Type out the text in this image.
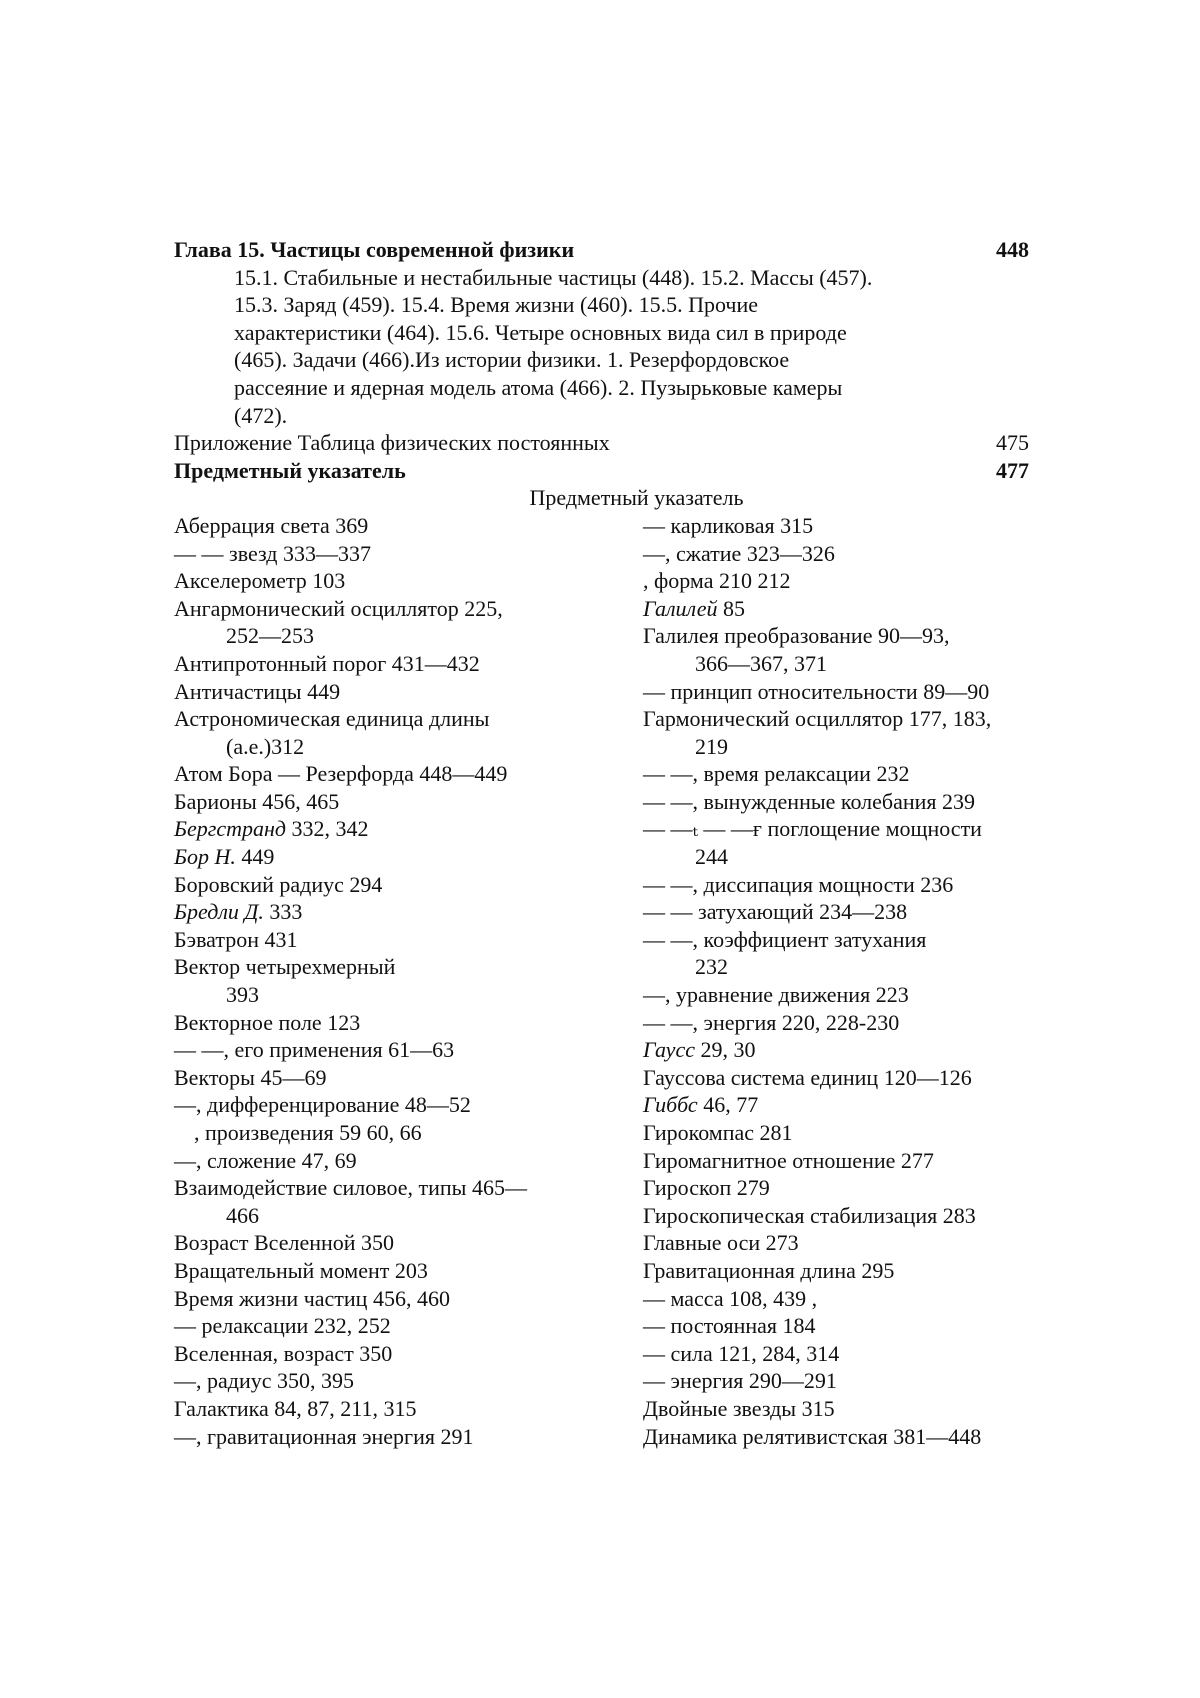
Глава 15. Частицы современной физики	448
15.1. Стабильные и нестабильные частицы (448). 15.2. Массы (457).
15.3. Заряд (459). 15.4. Время жизни (460). 15.5. Прочие
характеристики (464). 15.6. Четыре основных вида сил в природе
(465). Задачи (466).Из истории физики. 1. Резерфордовское
рассеяние и ядерная модель атома (466). 2. Пузырьковые камеры
(472).
Приложение Таблица физических постоянных	475
Предметный указатель	477
Предметный указатель
Аберрация света 369
— — звезд 333—337
Акселерометр 103
Ангармонический осциллятор 225,
252—253
Антипротонный порог 431—432
Античастицы 449
Астрономическая единица длины
(а.е.)312
Атом Бора — Резерфорда 448—449
Барионы 456, 465
Бергстранд 332, 342
Бор Н. 449
Боровский радиус 294
Бредли Д. 333
Бэватрон 431
Вектор четырехмерный
393
Векторное поле 123
— —, его применения 61—63
Векторы 45—69
—, дифференцирование 48—52
, произведения 59 60, 66
—, сложение 47, 69
Взаимодействие силовое, типы 465—
466
Возраст Вселенной 350
Вращательный момент 203
Время жизни частиц 456, 460
— релаксации 232, 252
Вселенная, возраст 350
—, радиус 350, 395
Галактика 84, 87, 211, 315
—, гравитационная энергия 291
— карликовая 315
—, сжатие 323—326
, форма 210 212
Галилей 85
Галилея преобразование 90—93,
366—367, 371
— принцип относительности 89—90
Гармонический осциллятор 177, 183,
219
— —, время релаксации 232
— —, вынужденные колебания 239
— —ₜ — —ғ поглощение мощности
244
— —, диссипация мощности 236
— — затухающий 234—238
— —, коэффициент затухания
232
—, уравнение движения 223
— —, энергия 220, 228-230
Гаусс 29, 30
Гауссова система единиц 120—126
Гиббс 46, 77
Гирокомпас 281
Гиромагнитное отношение 277
Гироскоп 279
Гироскопическая стабилизация 283
Главные оси 273
Гравитационная длина 295
— масса 108, 439 ,
— постоянная 184
— сила 121, 284, 314
— энергия 290—291
Двойные звезды 315
Динамика релятивистская 381—448
